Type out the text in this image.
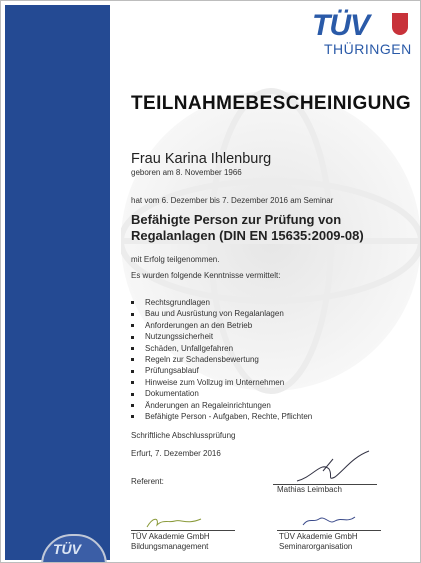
TÜV
THÜRINGEN
TEILNAHMEBESCHEINIGUNG
Frau Karina Ihlenburg
geboren am 8. November 1966
hat vom 6. Dezember bis 7. Dezember 2016 am Seminar
Befähigte Person zur Prüfung von
Regalanlagen (DIN EN 15635:2009-08)
mit Erfolg teilgenommen.
Es wurden folgende Kenntnisse vermittelt:
Rechtsgrundlagen
Bau und Ausrüstung von Regalanlagen
Anforderungen an den Betrieb
Nutzungssicherheit
Schäden, Unfallgefahren
Regeln zur Schadensbewertung
Prüfungsablauf
Hinweise zum Vollzug im Unternehmen
Dokumentation
Änderungen an Regaleinrichtungen
Befähigte Person - Aufgaben, Rechte, Pflichten
Schriftliche Abschlussprüfung
Erfurt, 7. Dezember 2016
Referent:
Mathias Leimbach
TÜV Akademie GmbH
Bildungsmanagement
TÜV Akademie GmbH
Seminarorganisation
TÜV
